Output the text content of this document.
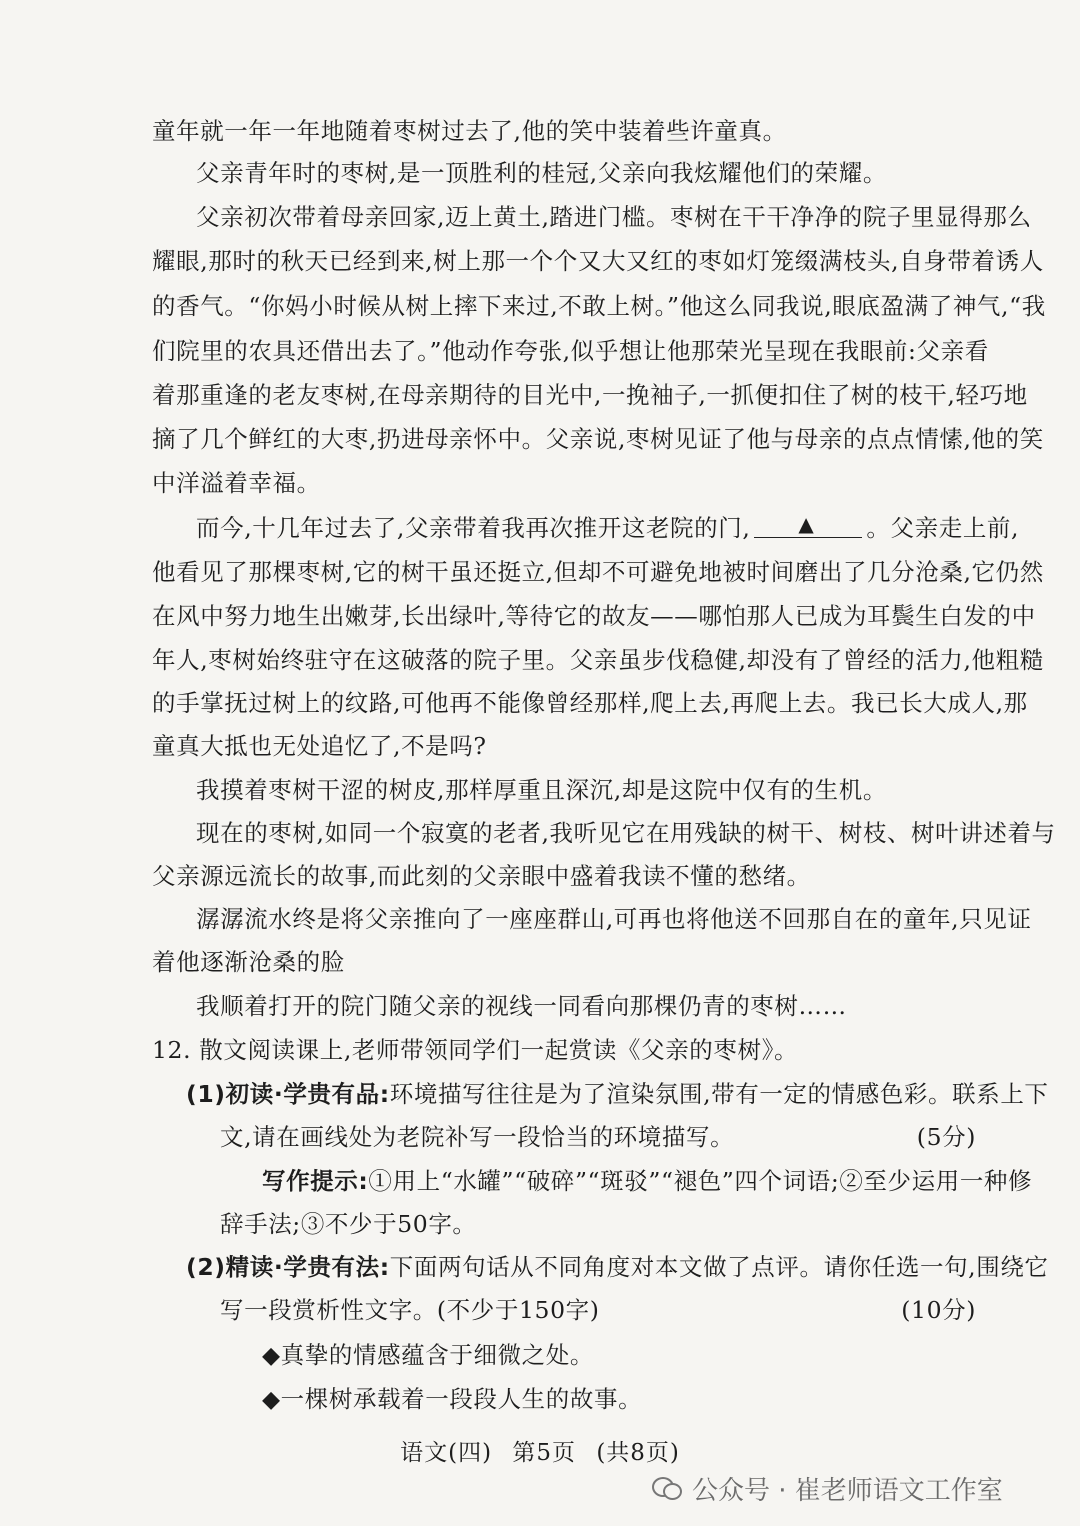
童年就一年一年地随着枣树过去了,他的笑中装着些许童真。
父亲青年时的枣树,是一顶胜利的桂冠,父亲向我炫耀他们的荣耀。
父亲初次带着母亲回家,迈上黄土,踏进门槛。枣树在干干净净的院子里显得那么
耀眼,那时的秋天已经到来,树上那一个个又大又红的枣如灯笼缀满枝头,自身带着诱人
的香气。“你妈小时候从树上摔下来过,不敢上树。”他这么同我说,眼底盈满了神气,“我
们院里的农具还借出去了。”他动作夸张,似乎想让他那荣光呈现在我眼前:父亲看
着那重逢的老友枣树,在母亲期待的目光中,一挽袖子,一抓便扣住了树的枝干,轻巧地
摘了几个鲜红的大枣,扔进母亲怀中。父亲说,枣树见证了他与母亲的点点情愫,他的笑
中洋溢着幸福。
而今,十几年过去了,父亲带着我再次推开这老院的门, ▲ 。父亲走上前,
他看见了那棵枣树,它的树干虽还挺立,但却不可避免地被时间磨出了几分沧桑,它仍然
在风中努力地生出嫩芽,长出绿叶,等待它的故友——哪怕那人已成为耳鬓生白发的中
年人,枣树始终驻守在这破落的院子里。父亲虽步伐稳健,却没有了曾经的活力,他粗糙
的手掌抚过树上的纹路,可他再不能像曾经那样,爬上去,再爬上去。我已长大成人,那
童真大抵也无处追忆了,不是吗?
我摸着枣树干涩的树皮,那样厚重且深沉,却是这院中仅有的生机。
现在的枣树,如同一个寂寞的老者,我听见它在用残缺的树干、树枝、树叶讲述着与
父亲源远流长的故事,而此刻的父亲眼中盛着我读不懂的愁绪。
潺潺流水终是将父亲推向了一座座群山,可再也将他送不回那自在的童年,只见证
着他逐渐沧桑的脸
我顺着打开的院门随父亲的视线一同看向那棵仍青的枣树……
12. 散文阅读课上,老师带领同学们一起赏读《父亲的枣树》。
(1)初读·学贵有品:环境描写往往是为了渲染氛围,带有一定的情感色彩。联系上下
文,请在画线处为老院补写一段恰当的环境描写。	(5分)
写作提示:①用上“水罐”“破碎”“斑驳”“褪色”四个词语;②至少运用一种修
辞手法;③不少于50字。
(2)精读·学贵有法:下面两句话从不同角度对本文做了点评。请你任选一句,围绕它
写一段赏析性文字。(不少于150字)	(10分)
◆真挚的情感蕴含于细微之处。
◆一棵树承载着一段段人生的故事。
语文(四) 第5页 (共8页)
公众号 · 崔老师语文工作室
